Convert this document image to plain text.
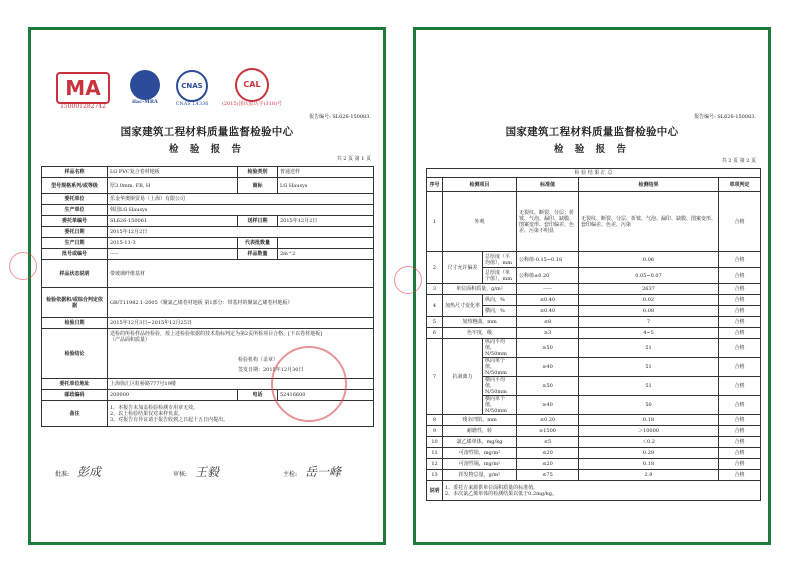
MA
150001282742
ilac-MRA
CNAS
CNAS L4336
CAL
(2015)国认监认字(318)号
报告编号: SL626-150083.
国家建筑工程材料质量监督检验中心
检 验 报 告
共 2 页 第 1 页
样品名称	LG PVC复合卷材地板	检验类别	普通送样
型号规格系列/或等级	厚3.0mm, FB, H	商标	LG Hausys
委托单位	乐金华奥斯贸易（上海）有限公司		
生产单位	韩国LG Hausys		
委托单编号	SL626-150061	送样日期	2015年12月2日
委托日期	2015年12月2日		
生产日期	2015-11-3	代表批数量	
批号或编号	-----	样品数量	2m^2
样品状态说明	带玻璃纤维基材		
检验依据和/或综合判定依据	GB/T11982.1-2005《聚氯乙烯卷材地板 第1部分：带基材的聚氯乙烯卷材地板》		
检验日期	2015年12月3日~2015年12月25日		
检验结论	送检的所检样品经检验，按上述检验依据的技术指标判定为第2页所检项目合格，[下以卷材地板]
（产品面积质量）
检验机构（盖章）
签发日期：2015年12月30日		

委托单位地址	上海徐汇区虹桥路777号19楼		
邮政编码	200000	电话	52416600
备注	1、本报告未加盖检验检测专用章无效。
2、以上检验结果仅对来样负责。
3、对报告有异议请于报告收到之日起十五日内提出。		
批准: 彭成	审核: 王毅	主检: 岳一峰
报告编号: SL626-150083.
国家建筑工程材料质量监督检验中心
检 验 报 告
共 2 页 第 2 页
检 验 结 果 汇 总					
序号	检测项目		标准值	检测结果	单项判定
1	外观		无裂纹、断裂、分层；折皱、气泡、漏印、缺膜、图案变形、套印偏差、色差、污染不明显	无裂纹、断裂、分层、折皱、气泡、漏印、缺膜、图案变形、套印偏差、色差、污染	合格
2	尺寸允许偏差	总厚度（平均值），mm	公称值-0.15~0.18	0.06	合格
		总厚度（单个值），mm	公称值±0.20	0.05~0.07	合格
3	单位面积质量，g/m²		-----	2637	合格
4	加热尺寸变化率	纵向，%	≤0.40	0.02	合格
		横向，%	≤0.40	0.08	合格
5	加热翘曲，mm		≤8	7	合格
6	色牢度，级		≥3	4~5	合格
7	抗剥离力	纵向平均值，N/50mm	≥50	51	合格
		纵向单个值，N/50mm	≥40	51	合格
		横向平均值，N/50mm	≥50	51	合格
		横向单个值，N/50mm	≥40	50	合格
8	残余凹陷，mm		≤0.20	0.18	合格
9	耐磨性，转		≥1500	＞10000	合格
10	氯乙烯单体，mg/kg		≤5	＜0.2	合格
11	可溶性铅，mg/m²		≤20	0.29	合格
12	可溶性镉，mg/m²		≤20	0.18	合格
13	挥发物总量，g/m²		≤75	2.9	合格
说明	1、委托方来源供单位面积质量的标准值。
2、本次氯乙烯单体的检测结果以低于0.2mg/kg。				
